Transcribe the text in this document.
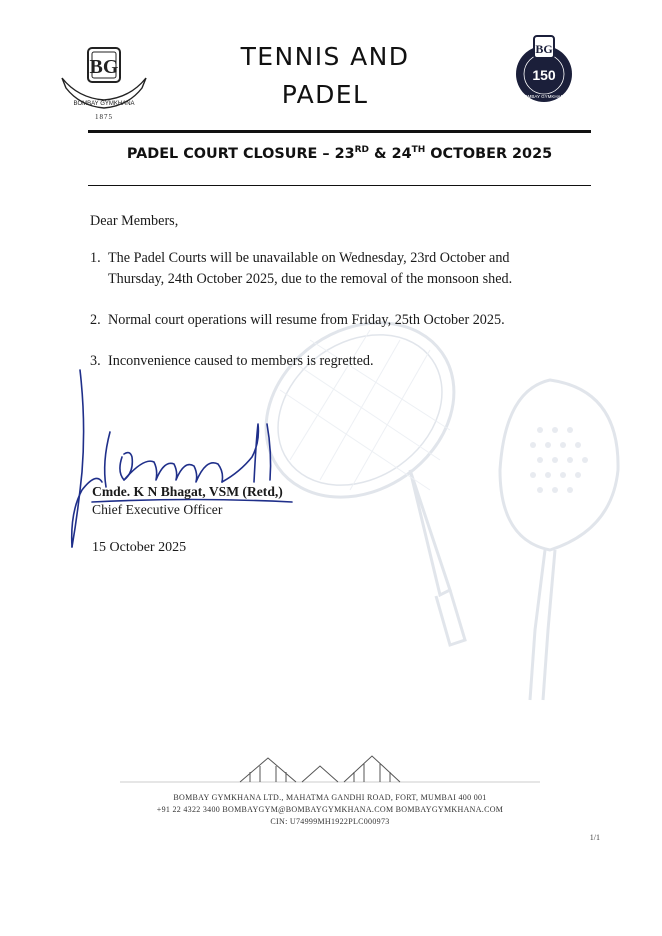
BG
BOMBAY GYMKHANA
1875
TENNIS AND
PADEL
BG
150
BOMBAY GYMKHANA
PADEL COURT CLOSURE – 23RD & 24TH OCTOBER 2025
Dear Members,
1. The Padel Courts will be unavailable on Wednesday, 23rd October and Thursday, 24th October 2025, due to the removal of the monsoon shed.
2. Normal court operations will resume from Friday, 25th October 2025.
3. Inconvenience caused to members is regretted.
Cmde. K N Bhagat, VSM (Retd,)
Chief Executive Officer
15 October 2025
BOMBAY GYMKHANA LTD., MAHATMA GANDHI ROAD, FORT, MUMBAI 400 001
+91 22 4322 3400 BOMBAYGYM@BOMBAYGYMKHANA.COM BOMBAYGYMKHANA.COM
CIN: U74999MH1922PLC000973
1/1
